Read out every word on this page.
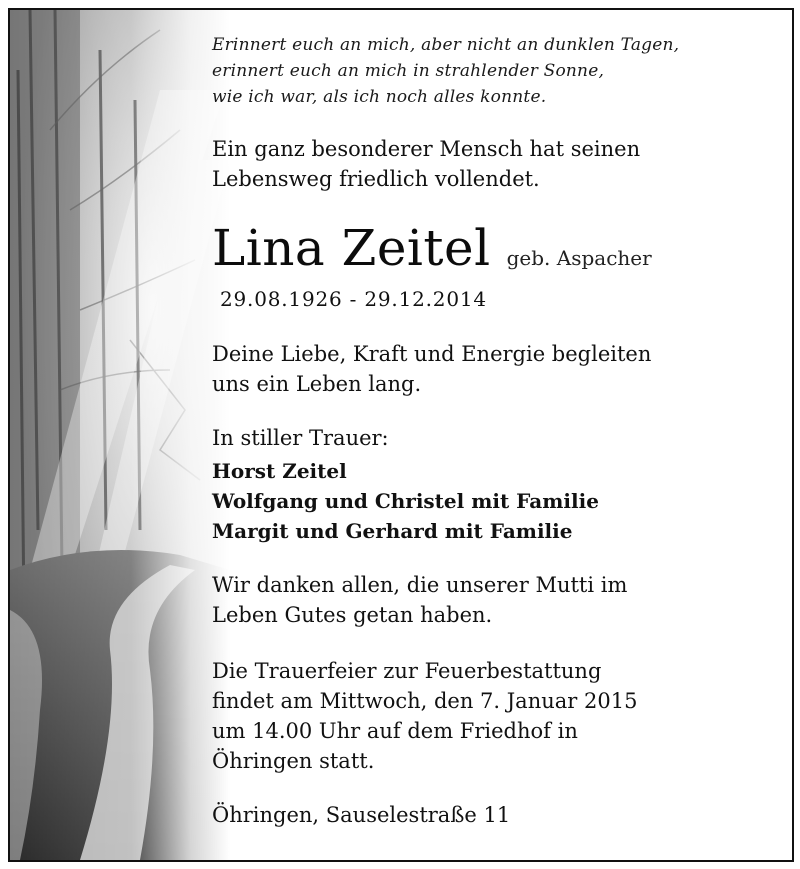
Erinnert euch an mich, aber nicht an dunklen Tagen,
erinnert euch an mich in strahlender Sonne,
wie ich war, als ich noch alles konnte.
Ein ganz besonderer Mensch hat seinen
Lebensweg friedlich vollendet.
Lina Zeitel geb. Aspacher
29.08.1926 - 29.12.2014
Deine Liebe, Kraft und Energie begleiten
uns ein Leben lang.
In stiller Trauer:
Horst Zeitel
Wolfgang und Christel mit Familie
Margit und Gerhard mit Familie
Wir danken allen, die unserer Mutti im
Leben Gutes getan haben.
Die Trauerfeier zur Feuerbestattung
findet am Mittwoch, den 7. Januar 2015
um 14.00 Uhr auf dem Friedhof in
Öhringen statt.
Öhringen, Sauselestraße 11
